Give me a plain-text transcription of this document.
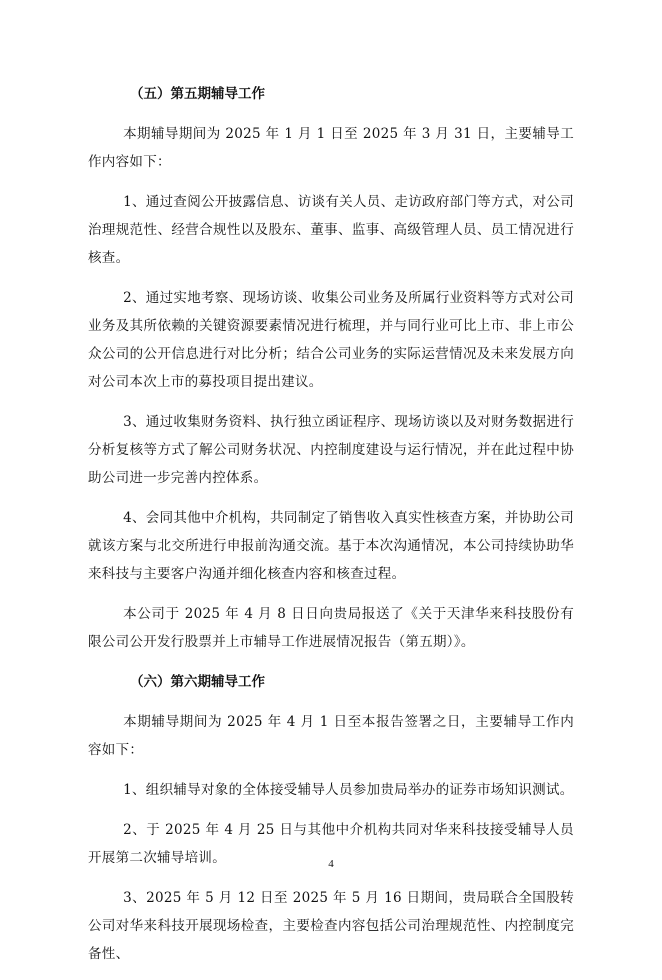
（五）第五期辅导工作

本期辅导期间为 2025 年 1 月 1 日至 2025 年 3 月 31 日，主要辅导工作内容如下：

1、通过查阅公开披露信息、访谈有关人员、走访政府部门等方式，对公司治理规范性、经营合规性以及股东、董事、监事、高级管理人员、员工情况进行核查。

2、通过实地考察、现场访谈、收集公司业务及所属行业资料等方式对公司业务及其所依赖的关键资源要素情况进行梳理，并与同行业可比上市、非上市公众公司的公开信息进行对比分析；结合公司业务的实际运营情况及未来发展方向对公司本次上市的募投项目提出建议。

3、通过收集财务资料、执行独立函证程序、现场访谈以及对财务数据进行分析复核等方式了解公司财务状况、内控制度建设与运行情况，并在此过程中协助公司进一步完善内控体系。

4、会同其他中介机构，共同制定了销售收入真实性核查方案，并协助公司就该方案与北交所进行申报前沟通交流。基于本次沟通情况，本公司持续协助华来科技与主要客户沟通并细化核查内容和核查过程。

本公司于 2025 年 4 月 8 日日向贵局报送了《关于天津华来科技股份有限公司公开发行股票并上市辅导工作进展情况报告（第五期）》。

（六）第六期辅导工作

本期辅导期间为 2025 年 4 月 1 日至本报告签署之日，主要辅导工作内容如下：

1、组织辅导对象的全体接受辅导人员参加贵局举办的证券市场知识测试。

2、于 2025 年 4 月 25 日与其他中介机构共同对华来科技接受辅导人员开展第二次辅导培训。

3、2025 年 5 月 12 日至 2025 年 5 月 16 日期间，贵局联合全国股转公司对华来科技开展现场检查，主要检查内容包括公司治理规范性、内控制度完备性、

4
